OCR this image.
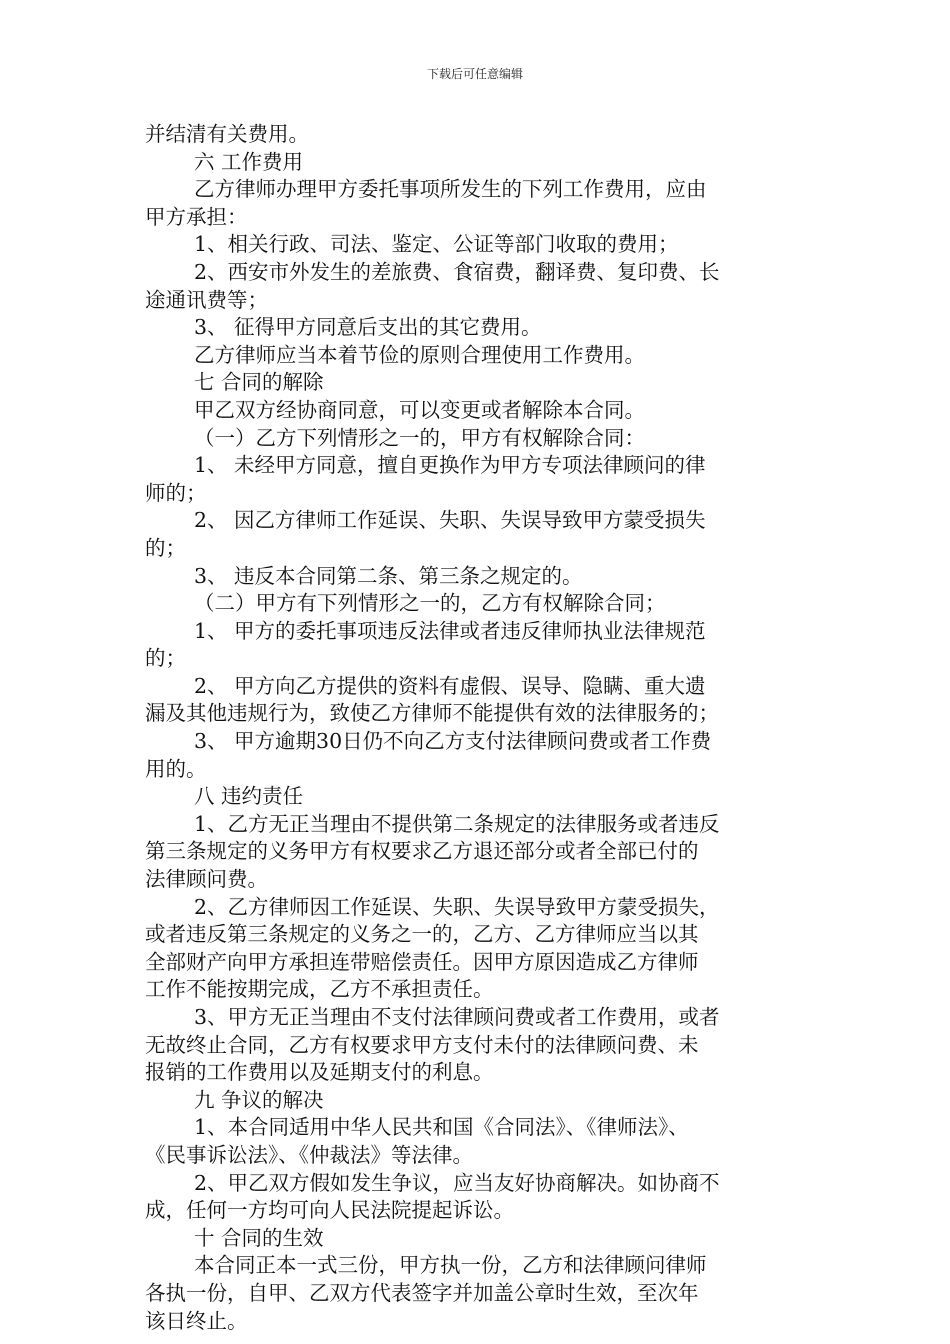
下载后可任意编辑
并结清有关费用。
六 工作费用
乙方律师办理甲方委托事项所发生的下列工作费用，应由
甲方承担：
1、相关行政、司法、鉴定、公证等部门收取的费用；
2、西安市外发生的差旅费、食宿费，翻译费、复印费、长
途通讯费等；
3、 征得甲方同意后支出的其它费用。
乙方律师应当本着节俭的原则合理使用工作费用。
七 合同的解除
甲乙双方经协商同意，可以变更或者解除本合同。
（一）乙方下列情形之一的，甲方有权解除合同：
1、 未经甲方同意，擅自更换作为甲方专项法律顾问的律
师的；
2、 因乙方律师工作延误、失职、失误导致甲方蒙受损失
的；
3、 违反本合同第二条、第三条之规定的。
（二）甲方有下列情形之一的，乙方有权解除合同；
1、 甲方的委托事项违反法律或者违反律师执业法律规范
的；
2、 甲方向乙方提供的资料有虚假、误导、隐瞒、重大遗
漏及其他违规行为，致使乙方律师不能提供有效的法律服务的；
3、 甲方逾期30日仍不向乙方支付法律顾问费或者工作费
用的。
八 违约责任
1、乙方无正当理由不提供第二条规定的法律服务或者违反
第三条规定的义务甲方有权要求乙方退还部分或者全部已付的
法律顾问费。
2、乙方律师因工作延误、失职、失误导致甲方蒙受损失，
或者违反第三条规定的义务之一的，乙方、乙方律师应当以其
全部财产向甲方承担连带赔偿责任。因甲方原因造成乙方律师
工作不能按期完成，乙方不承担责任。
3、甲方无正当理由不支付法律顾问费或者工作费用，或者
无故终止合同，乙方有权要求甲方支付未付的法律顾问费、未
报销的工作费用以及延期支付的利息。
九 争议的解决
1、本合同适用中华人民共和国《合同法》、《律师法》、
《民事诉讼法》、《仲裁法》等法律。
2、甲乙双方假如发生争议，应当友好协商解决。如协商不
成，任何一方均可向人民法院提起诉讼。
十 合同的生效
本合同正本一式三份，甲方执一份，乙方和法律顾问律师
各执一份，自甲、乙双方代表签字并加盖公章时生效，至次年
该日终止。
